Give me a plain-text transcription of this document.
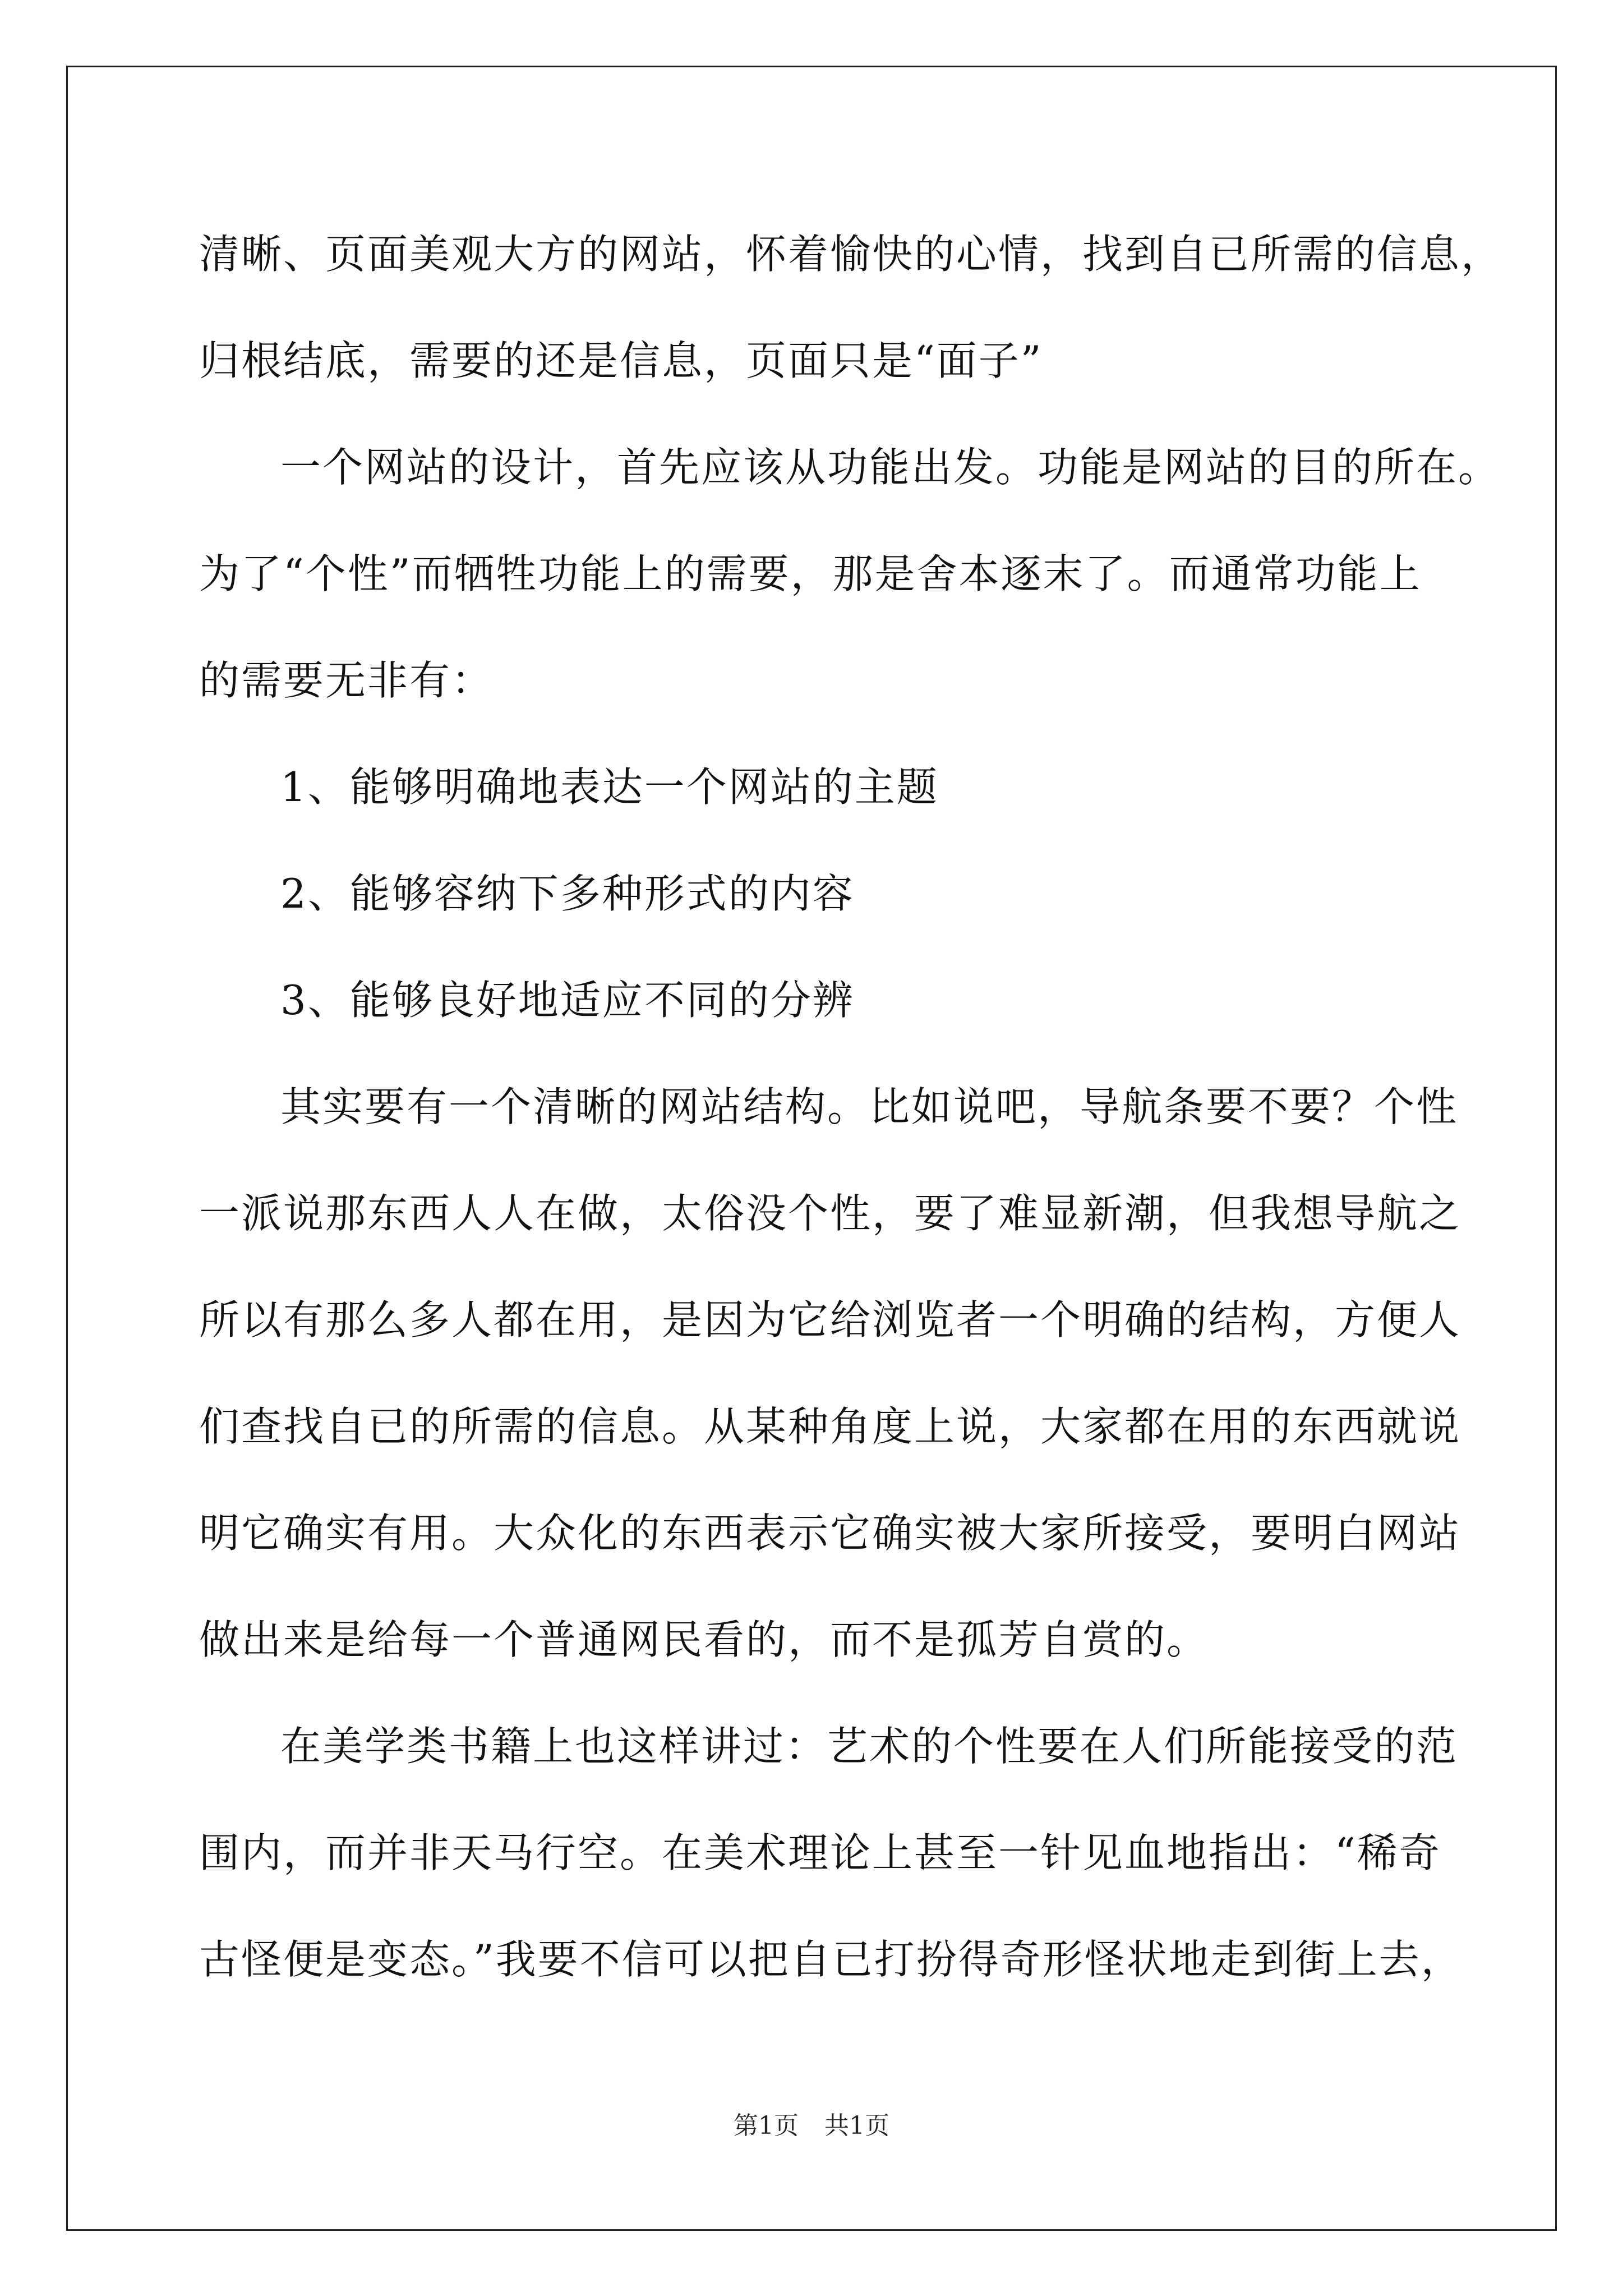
清晰、页面美观大方的网站，怀着愉快的心情，找到自已所需的信息，
归根结底，需要的还是信息，页面只是“面子”
一个网站的设计，首先应该从功能出发。功能是网站的目的所在。
为了“个性”而牺牲功能上的需要，那是舍本逐末了。而通常功能上
的需要无非有：
1、能够明确地表达一个网站的主题
2、能够容纳下多种形式的内容
3、能够良好地适应不同的分辨
其实要有一个清晰的网站结构。比如说吧，导航条要不要？个性
一派说那东西人人在做，太俗没个性，要了难显新潮，但我想导航之
所以有那么多人都在用，是因为它给浏览者一个明确的结构，方便人
们查找自已的所需的信息。从某种角度上说，大家都在用的东西就说
明它确实有用。大众化的东西表示它确实被大家所接受，要明白网站
做出来是给每一个普通网民看的，而不是孤芳自赏的。
在美学类书籍上也这样讲过：艺术的个性要在人们所能接受的范
围内，而并非天马行空。在美术理论上甚至一针见血地指出：“稀奇
古怪便是变态。”我要不信可以把自已打扮得奇形怪状地走到街上去，
第1页 共1页
